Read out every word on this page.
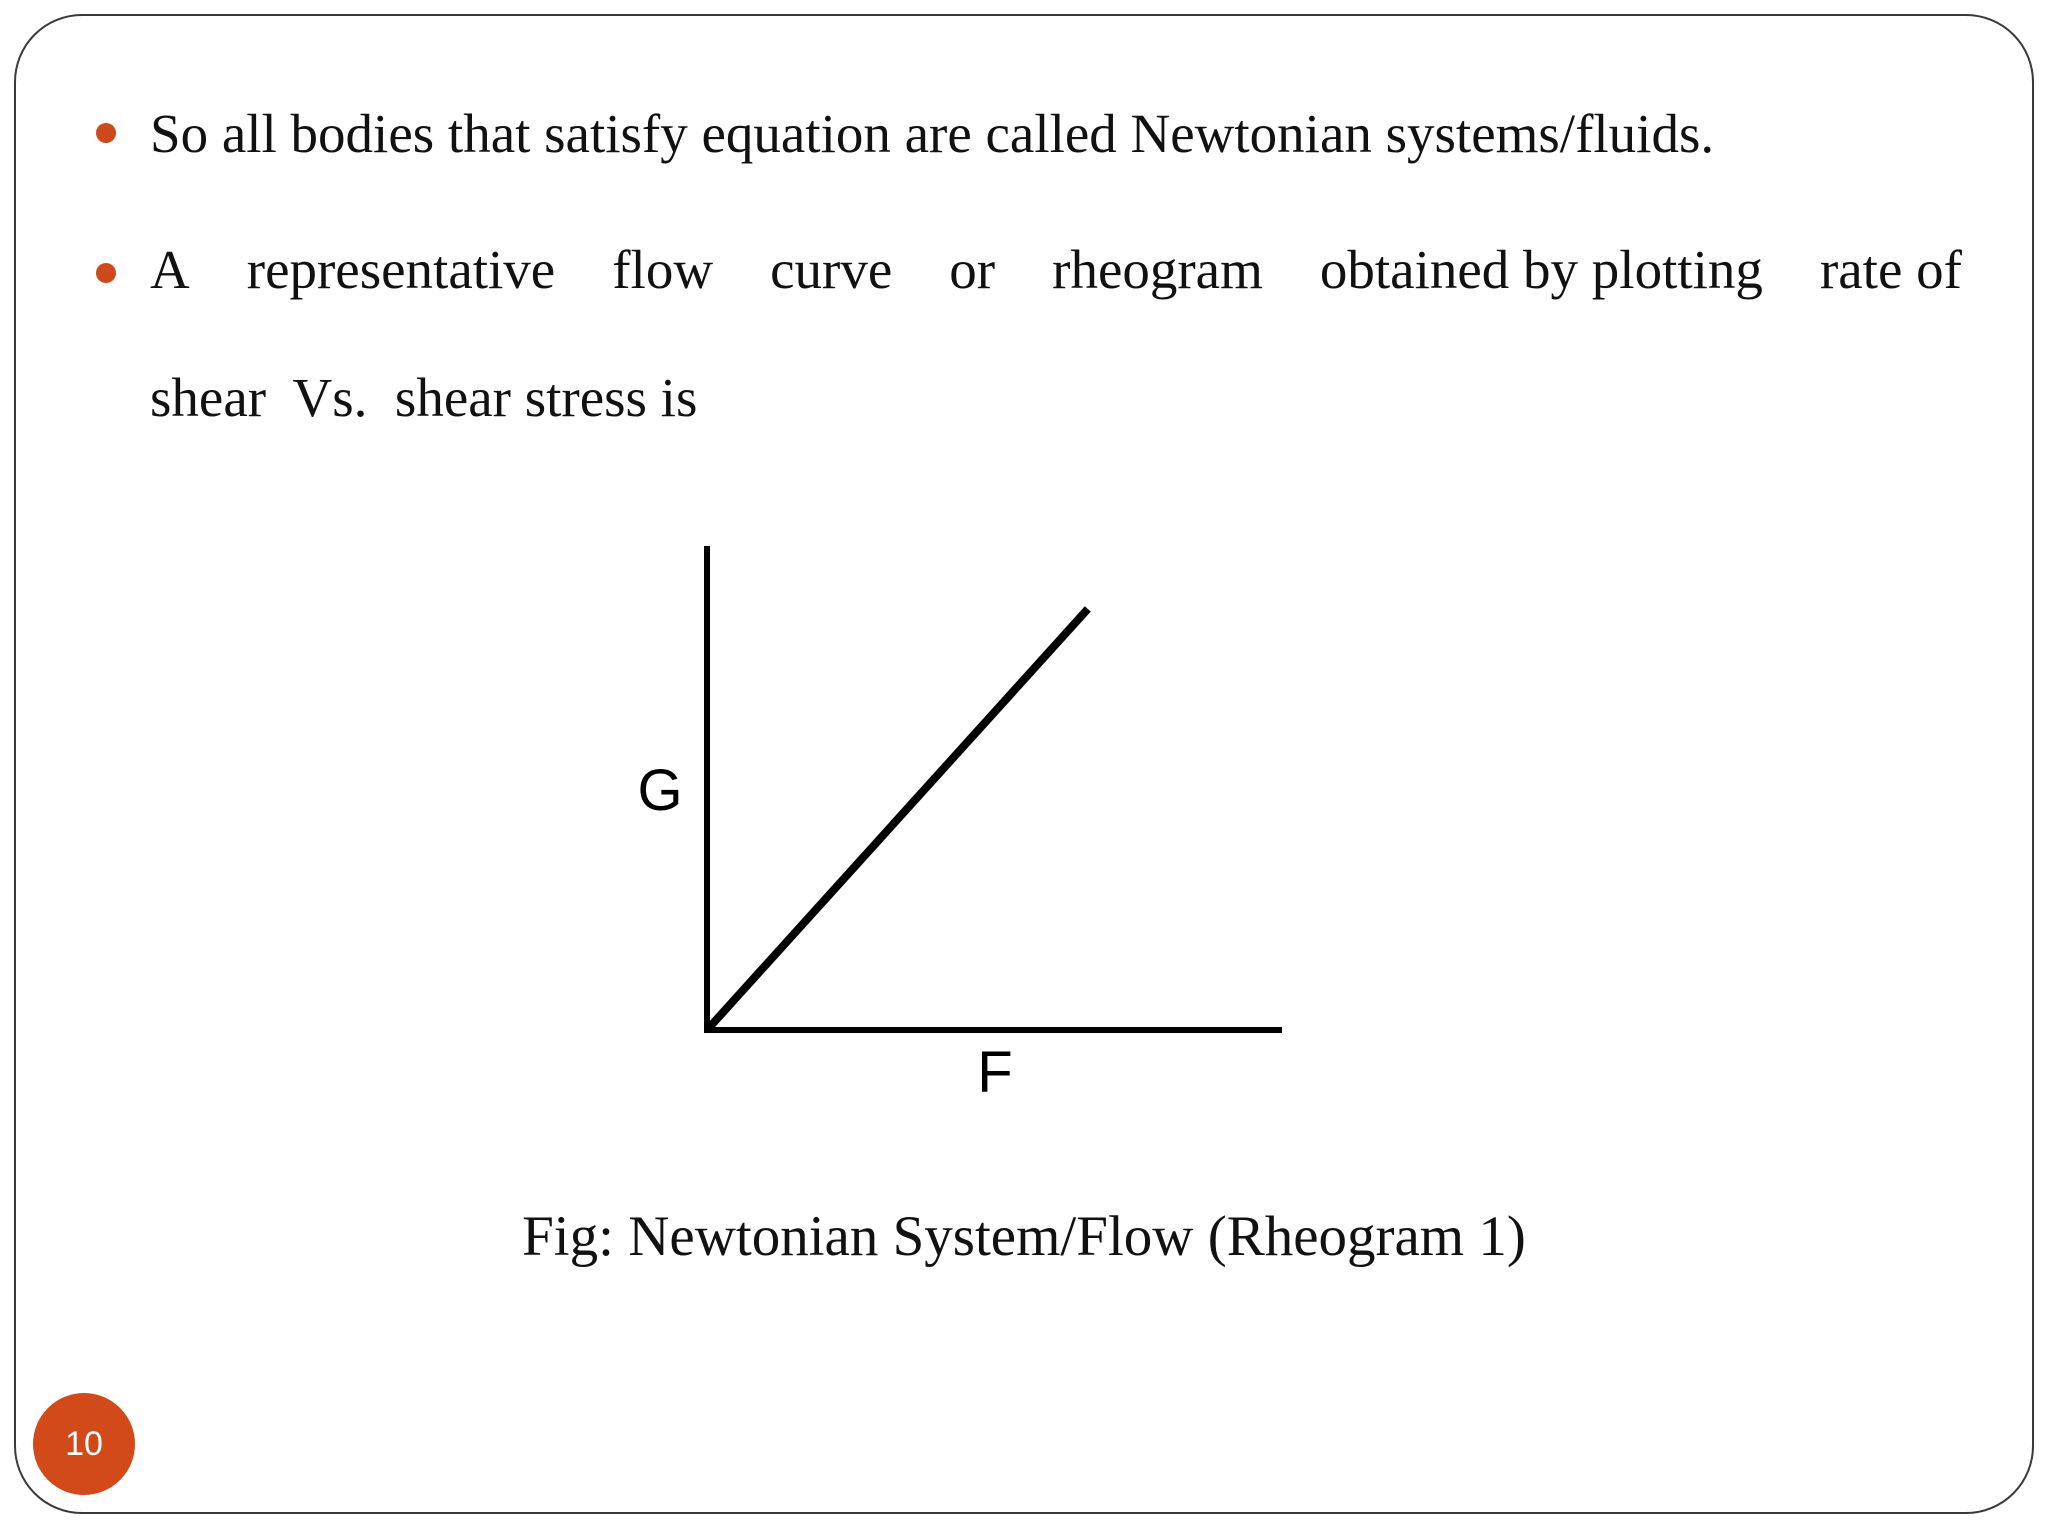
So all bodies that satisfy equation are called Newtonian systems/fluids.
A representative flow curve or rheogram obtained by plotting rate of
shear  Vs.  shear stress is
G
F
Fig: Newtonian System/Flow (Rheogram 1)
10
